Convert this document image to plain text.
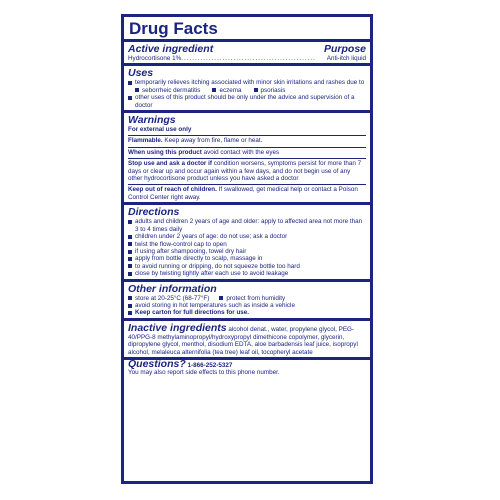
Drug Facts
Active ingredient	Purpose
Hydrocortisone 1% .................................................	Anti-itch liquid
Uses
temporarily relieves itching associated with minor skin irritations and rashes due to
seborrheic dermatitis	eczema	psoriasis
other uses of this product should be only under the advice and supervision of a doctor
Warnings
For external use only
Flammable. Keep away from fire, flame or heat.
When using this product avoid contact with the eyes
Stop use and ask a doctor if condition worsens, symptoms persist for more than 7 days or clear up and occur again within a few days, and do not begin use of any other hydrocortisone product unless you have asked a doctor
Keep out of reach of children. If swallowed, get medical help or contact a Poison Control Center right away.
Directions
adults and children 2 years of age and older: apply to affected area not more than 3 to 4 times daily
children under 2 years of age: do not use; ask a doctor
twist the flow-control cap to open
if using after shampooing, towel dry hair
apply from bottle directly to scalp, massage in
to avoid running or dripping, do not squeeze bottle too hard
close by twisting tightly after each use to avoid leakage
Other information
store at 20-25°C (68-77°F)	protect from humidity
avoid storing in hot temperatures such as inside a vehicle
Keep carton for full directions for use.
Inactive ingredients alcohol denat., water, propylene glycol, PEG-40/PPG-8 methylaminopropyl/hydroxypropyl dimethicone copolymer, glycerin, dipropylene glycol, menthol, disodium EDTA, aloe barbadensis leaf juice, isopropyl alcohol, melaleuca alternifolia (tea tree) leaf oil, tocopheryl acetate
Questions? 1-866-252-5327
You may also report side effects to this phone number.
